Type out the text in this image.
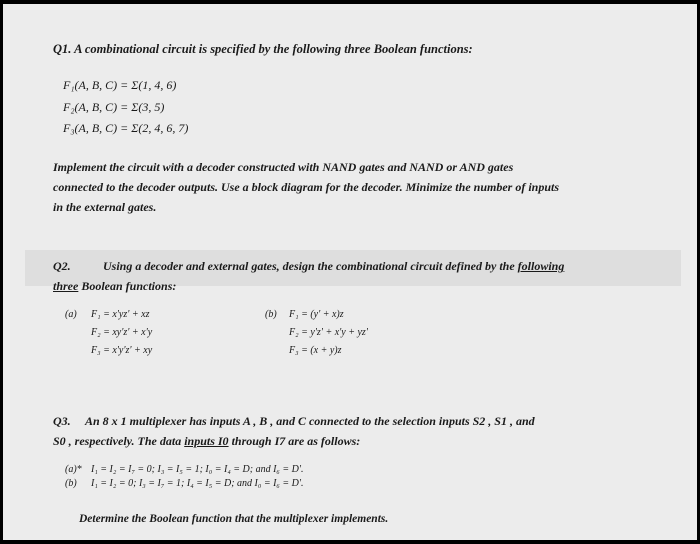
Q1. A combinational circuit is specified by the following three Boolean functions:
F₁(A, B, C) = Σ(1, 4, 6)
F₂(A, B, C) = Σ(3, 5)
F₃(A, B, C) = Σ(2, 4, 6, 7)
Implement the circuit with a decoder constructed with NAND gates and NAND or AND gates
connected to the decoder outputs. Use a block diagram for the decoder. Minimize the number of inputs
in the external gates.
Q2.	Using a decoder and external gates, design the combinational circuit defined by the following
three Boolean functions:
(a) F₁ = x'yz' + xz
F₂ = xy'z' + x'y
F₃ = x'y'z' + xy
(b) F₁ = (y' + x)z
F₂ = y'z' + x'y + yz'
F₃ = (x + y)z
Q3. An 8 x 1 multiplexer has inputs A , B , and C connected to the selection inputs S2 , S1 , and
S0 , respectively. The data inputs I0 through I7 are as follows:
(a)* I₁ = I₂ = I₇ = 0; I₃ = I₅ = 1; I₀ = I₄ = D; and I₆ = D'.
(b) I₁ = I₂ = 0; I₃ = I₇ = 1; I₄ = I₅ = D; and I₀ = I₆ = D'.
Determine the Boolean function that the multiplexer implements.
